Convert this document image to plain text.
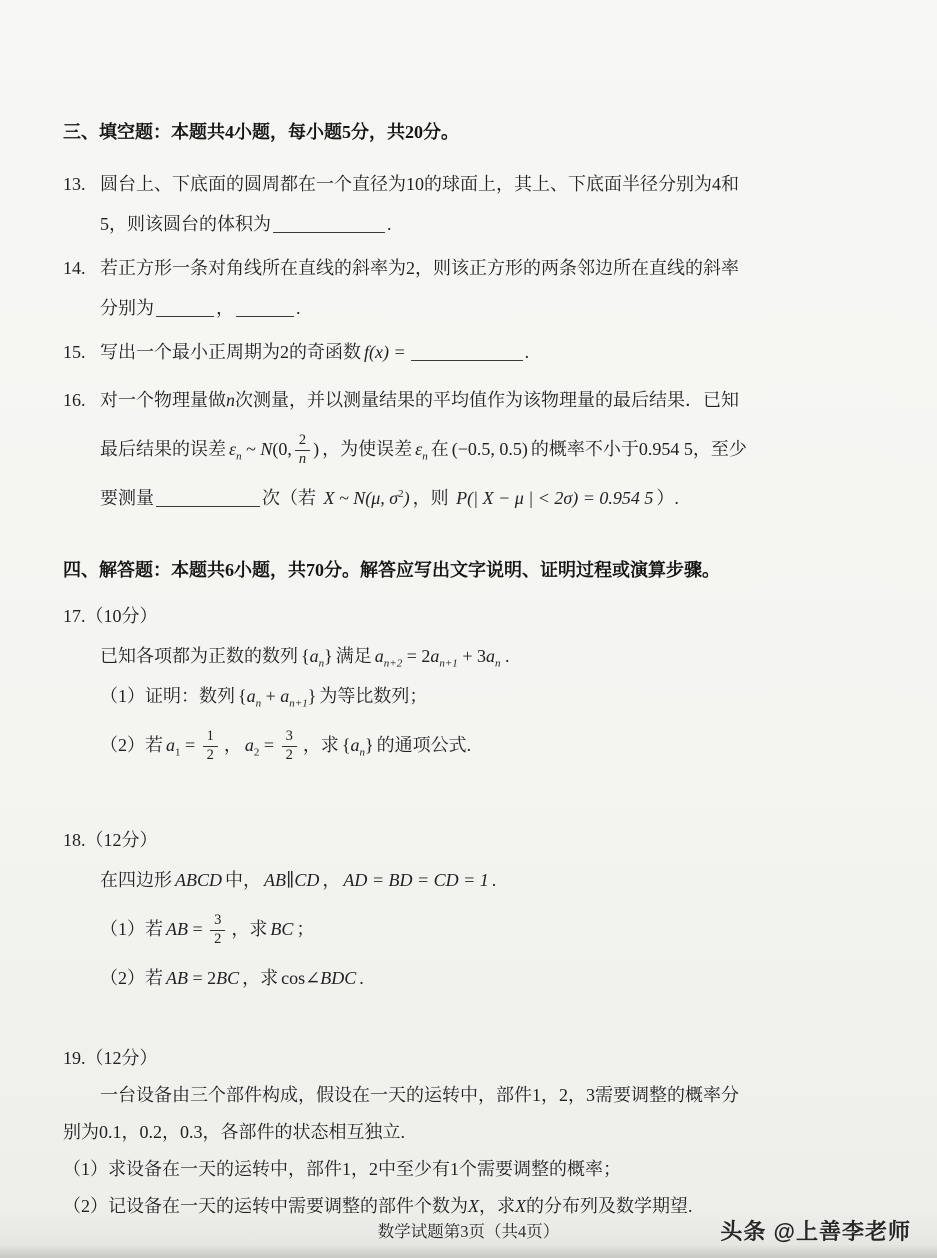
三、填空题：本题共4小题，每小题5分，共20分。
13. 圆台上、下底面的圆周都在一个直径为10的球面上，其上、下底面半径分别为4和
5，则该圆台的体积为	.
14. 若正方形一条对角线所在直线的斜率为2，则该正方形的两条邻边所在直线的斜率
分别为	，	.
15. 写出一个最小正周期为2的奇函数 f(x) =	.
16. 对一个物理量做n次测量，并以测量结果的平均值作为该物理量的最后结果．已知
最后结果的误差 $\varepsilon_n$ ~ N(0, $\frac{2}{n}$ ) ，为使误差 $\varepsilon_n$ 在 (−0.5, 0.5) 的概率不小于0.954 5，至少
要测量	次（若 X ~ N(μ, $\sigma^2$) ，则 P(| X − μ | < 2σ) = 0.954 5 ）.
四、解答题：本题共6小题，共70分。解答应写出文字说明、证明过程或演算步骤。
17.（10分）
已知各项都为正数的数列 $\{a_n\}$ 满足 $a_{n+2} = 2a_{n+1} + 3a_n$ .
（1）证明：数列 $\{a_n + a_{n+1}\}$ 为等比数列；
（2）若 $a_1 = \frac{1}{2}$ ， $a_2 = \frac{3}{2}$ ，求 $\{a_n\}$ 的通项公式.
18.（12分）
在四边形 ABCD 中， AB∥CD ， AD = BD = CD = 1 .
（1）若 AB = $\frac{3}{2}$ ，求 BC ；
（2）若 AB = 2BC ，求 cos∠BDC .
19.（12分）
一台设备由三个部件构成，假设在一天的运转中，部件1，2，3需要调整的概率分
别为0.1，0.2，0.3，各部件的状态相互独立.
（1）求设备在一天的运转中，部件1，2中至少有1个需要调整的概率；
（2）记设备在一天的运转中需要调整的部件个数为X，求X的分布列及数学期望.
数学试题第3页（共4页）	头条 @上善李老师
